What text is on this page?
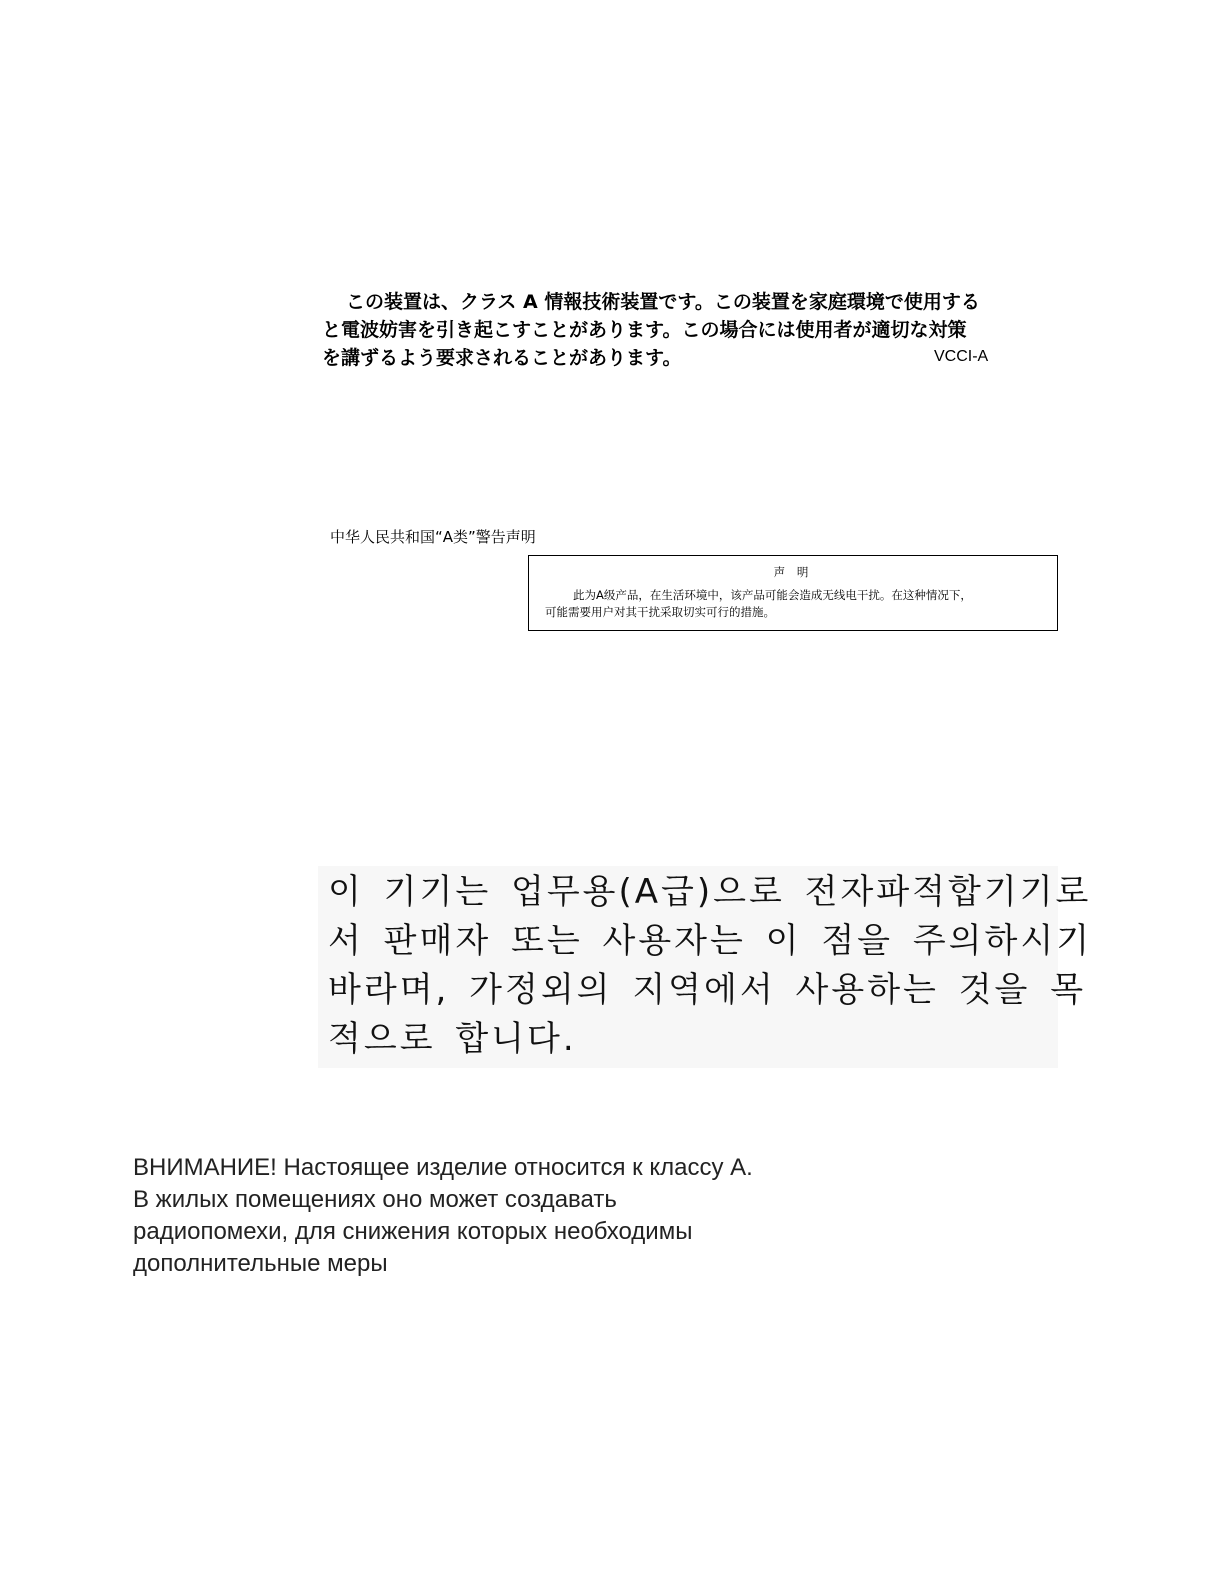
この装置は、クラス A 情報技術装置です。この装置を家庭環境で使用する
と電波妨害を引き起こすことがあります。この場合には使用者が適切な対策
を講ずるよう要求されることがあります。	VCCI-A
中华人民共和国“A类”警告声明
声 明
此为A级产品，在生活环境中，该产品可能会造成无线电干扰。在这种情况下，
可能需要用户对其干扰采取切实可行的措施。
이 기기는 업무용(A급)으로 전자파적합기기로
서 판매자 또는 사용자는 이 점을 주의하시기
바라며, 가정외의 지역에서 사용하는 것을 목
적으로 합니다.
ВНИМАНИЕ! Настоящее изделие относится к классу А.
В жилых помещениях оно может создавать
радиопомехи, для снижения которых необходимы
дополнительные меры
